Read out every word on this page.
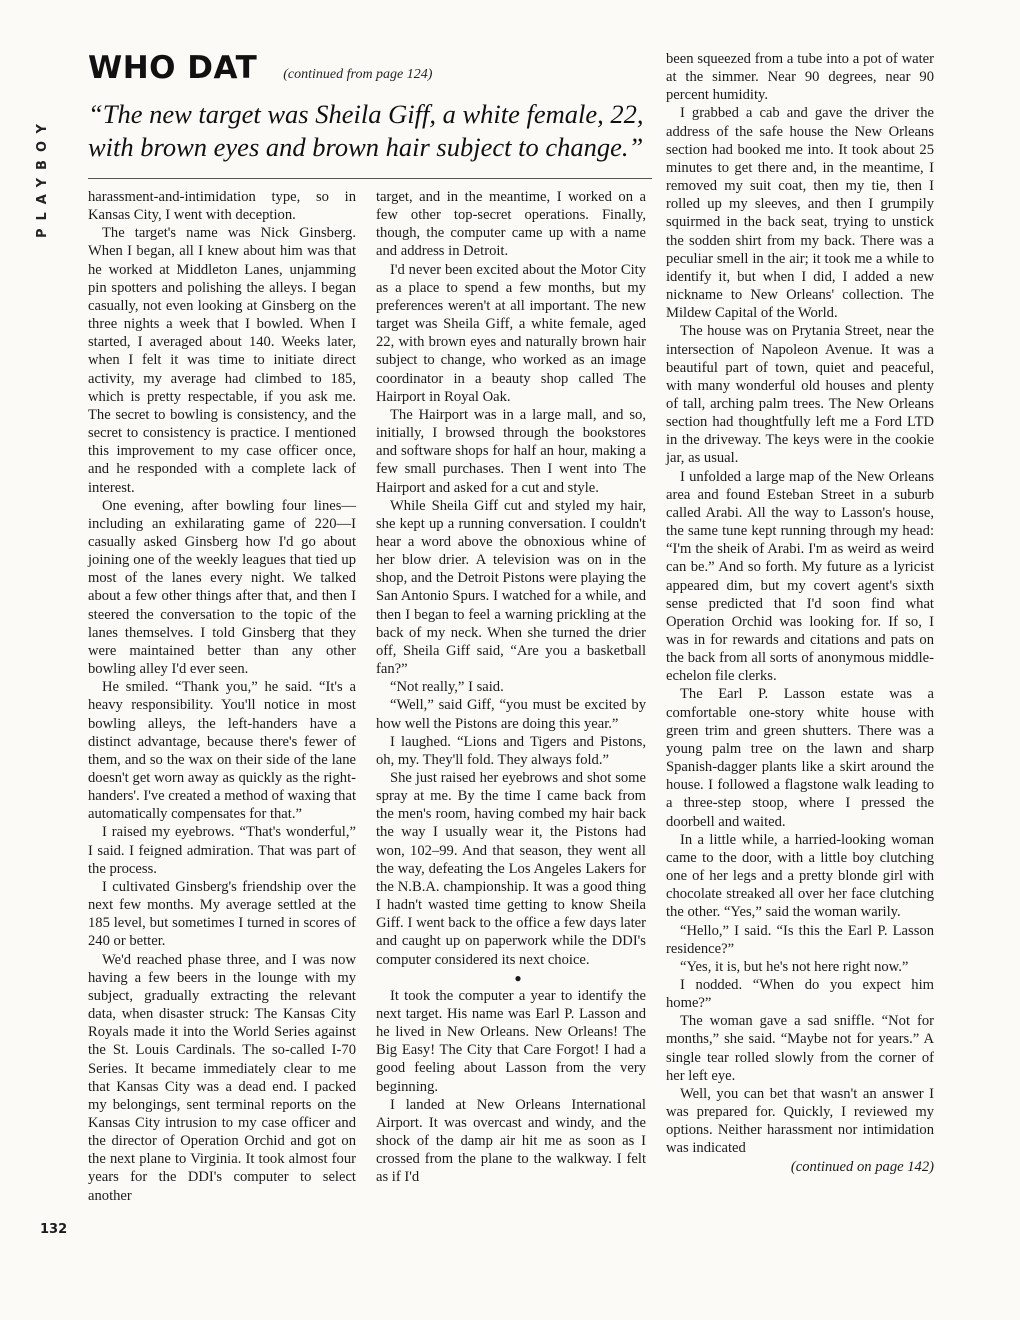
PLAYBOY
WHO DAT (continued from page 124)

“The new target was Sheila Giff, a white female, 22, with brown eyes and brown hair subject to change.”

harassment-and-intimidation type, so in Kansas City, I went with deception.

The target's name was Nick Ginsberg. When I began, all I knew about him was that he worked at Middleton Lanes, unjamming pin spotters and polishing the alleys. I began casually, not even looking at Ginsberg on the three nights a week that I bowled. When I started, I averaged about 140. Weeks later, when I felt it was time to initiate direct activity, my average had climbed to 185, which is pretty respectable, if you ask me. The secret to bowling is consistency, and the secret to consistency is practice. I mentioned this improvement to my case officer once, and he responded with a complete lack of interest.

One evening, after bowling four lines—including an exhilarating game of 220—I casually asked Ginsberg how I'd go about joining one of the weekly leagues that tied up most of the lanes every night. We talked about a few other things after that, and then I steered the conversation to the topic of the lanes themselves. I told Ginsberg that they were maintained better than any other bowling alley I'd ever seen.

He smiled. “Thank you,” he said. “It's a heavy responsibility. You'll notice in most bowling alleys, the left-handers have a distinct advantage, because there's fewer of them, and so the wax on their side of the lane doesn't get worn away as quickly as the right-handers'. I've created a method of waxing that automatically compensates for that.”

I raised my eyebrows. “That's wonderful,” I said. I feigned admiration. That was part of the process.

I cultivated Ginsberg's friendship over the next few months. My average settled at the 185 level, but sometimes I turned in scores of 240 or better.

We'd reached phase three, and I was now having a few beers in the lounge with my subject, gradually extracting the relevant data, when disaster struck: The Kansas City Royals made it into the World Series against the St. Louis Cardinals. The so-called I-70 Series. It became immediately clear to me that Kansas City was a dead end. I packed my belongings, sent terminal reports on the Kansas City intrusion to my case officer and the director of Operation Orchid and got on the next plane to Virginia. It took almost four years for the DDI's computer to select another

target, and in the meantime, I worked on a few other top-secret operations. Finally, though, the computer came up with a name and address in Detroit.

I'd never been excited about the Motor City as a place to spend a few months, but my preferences weren't at all important. The new target was Sheila Giff, a white female, aged 22, with brown eyes and naturally brown hair subject to change, who worked as an image coordinator in a beauty shop called The Hairport in Royal Oak.

The Hairport was in a large mall, and so, initially, I browsed through the bookstores and software shops for half an hour, making a few small purchases. Then I went into The Hairport and asked for a cut and style.

While Sheila Giff cut and styled my hair, she kept up a running conversation. I couldn't hear a word above the obnoxious whine of her blow drier. A television was on in the shop, and the Detroit Pistons were playing the San Antonio Spurs. I watched for a while, and then I began to feel a warning prickling at the back of my neck. When she turned the drier off, Sheila Giff said, “Are you a basketball fan?”

“Not really,” I said.

“Well,” said Giff, “you must be excited by how well the Pistons are doing this year.”

I laughed. “Lions and Tigers and Pistons, oh, my. They'll fold. They always fold.”

She just raised her eyebrows and shot some spray at me. By the time I came back from the men's room, having combed my hair back the way I usually wear it, the Pistons had won, 102–99. And that season, they went all the way, defeating the Los Angeles Lakers for the N.B.A. championship. It was a good thing I hadn't wasted time getting to know Sheila Giff. I went back to the office a few days later and caught up on paperwork while the DDI's computer considered its next choice.

●

It took the computer a year to identify the next target. His name was Earl P. Lasson and he lived in New Orleans. New Orleans! The Big Easy! The City that Care Forgot! I had a good feeling about Lasson from the very beginning.

I landed at New Orleans International Airport. It was overcast and windy, and the shock of the damp air hit me as soon as I crossed from the plane to the walkway. I felt as if I'd

been squeezed from a tube into a pot of water at the simmer. Near 90 degrees, near 90 percent humidity.

I grabbed a cab and gave the driver the address of the safe house the New Orleans section had booked me into. It took about 25 minutes to get there and, in the meantime, I removed my suit coat, then my tie, then I rolled up my sleeves, and then I grumpily squirmed in the back seat, trying to unstick the sodden shirt from my back. There was a peculiar smell in the air; it took me a while to identify it, but when I did, I added a new nickname to New Orleans' collection. The Mildew Capital of the World.

The house was on Prytania Street, near the intersection of Napoleon Avenue. It was a beautiful part of town, quiet and peaceful, with many wonderful old houses and plenty of tall, arching palm trees. The New Orleans section had thoughtfully left me a Ford LTD in the driveway. The keys were in the cookie jar, as usual.

I unfolded a large map of the New Orleans area and found Esteban Street in a suburb called Arabi. All the way to Lasson's house, the same tune kept running through my head: “I'm the sheik of Arabi. I'm as weird as weird can be.” And so forth. My future as a lyricist appeared dim, but my covert agent's sixth sense predicted that I'd soon find what Operation Orchid was looking for. If so, I was in for rewards and citations and pats on the back from all sorts of anonymous middle-echelon file clerks.

The Earl P. Lasson estate was a comfortable one-story white house with green trim and green shutters. There was a young palm tree on the lawn and sharp Spanish-dagger plants like a skirt around the house. I followed a flagstone walk leading to a three-step stoop, where I pressed the doorbell and waited.

In a little while, a harried-looking woman came to the door, with a little boy clutching one of her legs and a pretty blonde girl with chocolate streaked all over her face clutching the other. “Yes,” said the woman warily.

“Hello,” I said. “Is this the Earl P. Lasson residence?”

“Yes, it is, but he's not here right now.”

I nodded. “When do you expect him home?”

The woman gave a sad sniffle. “Not for months,” she said. “Maybe not for years.” A single tear rolled slowly from the corner of her left eye.

Well, you can bet that wasn't an answer I was prepared for. Quickly, I reviewed my options. Neither harassment nor intimidation was indicated

(continued on page 142)

132
